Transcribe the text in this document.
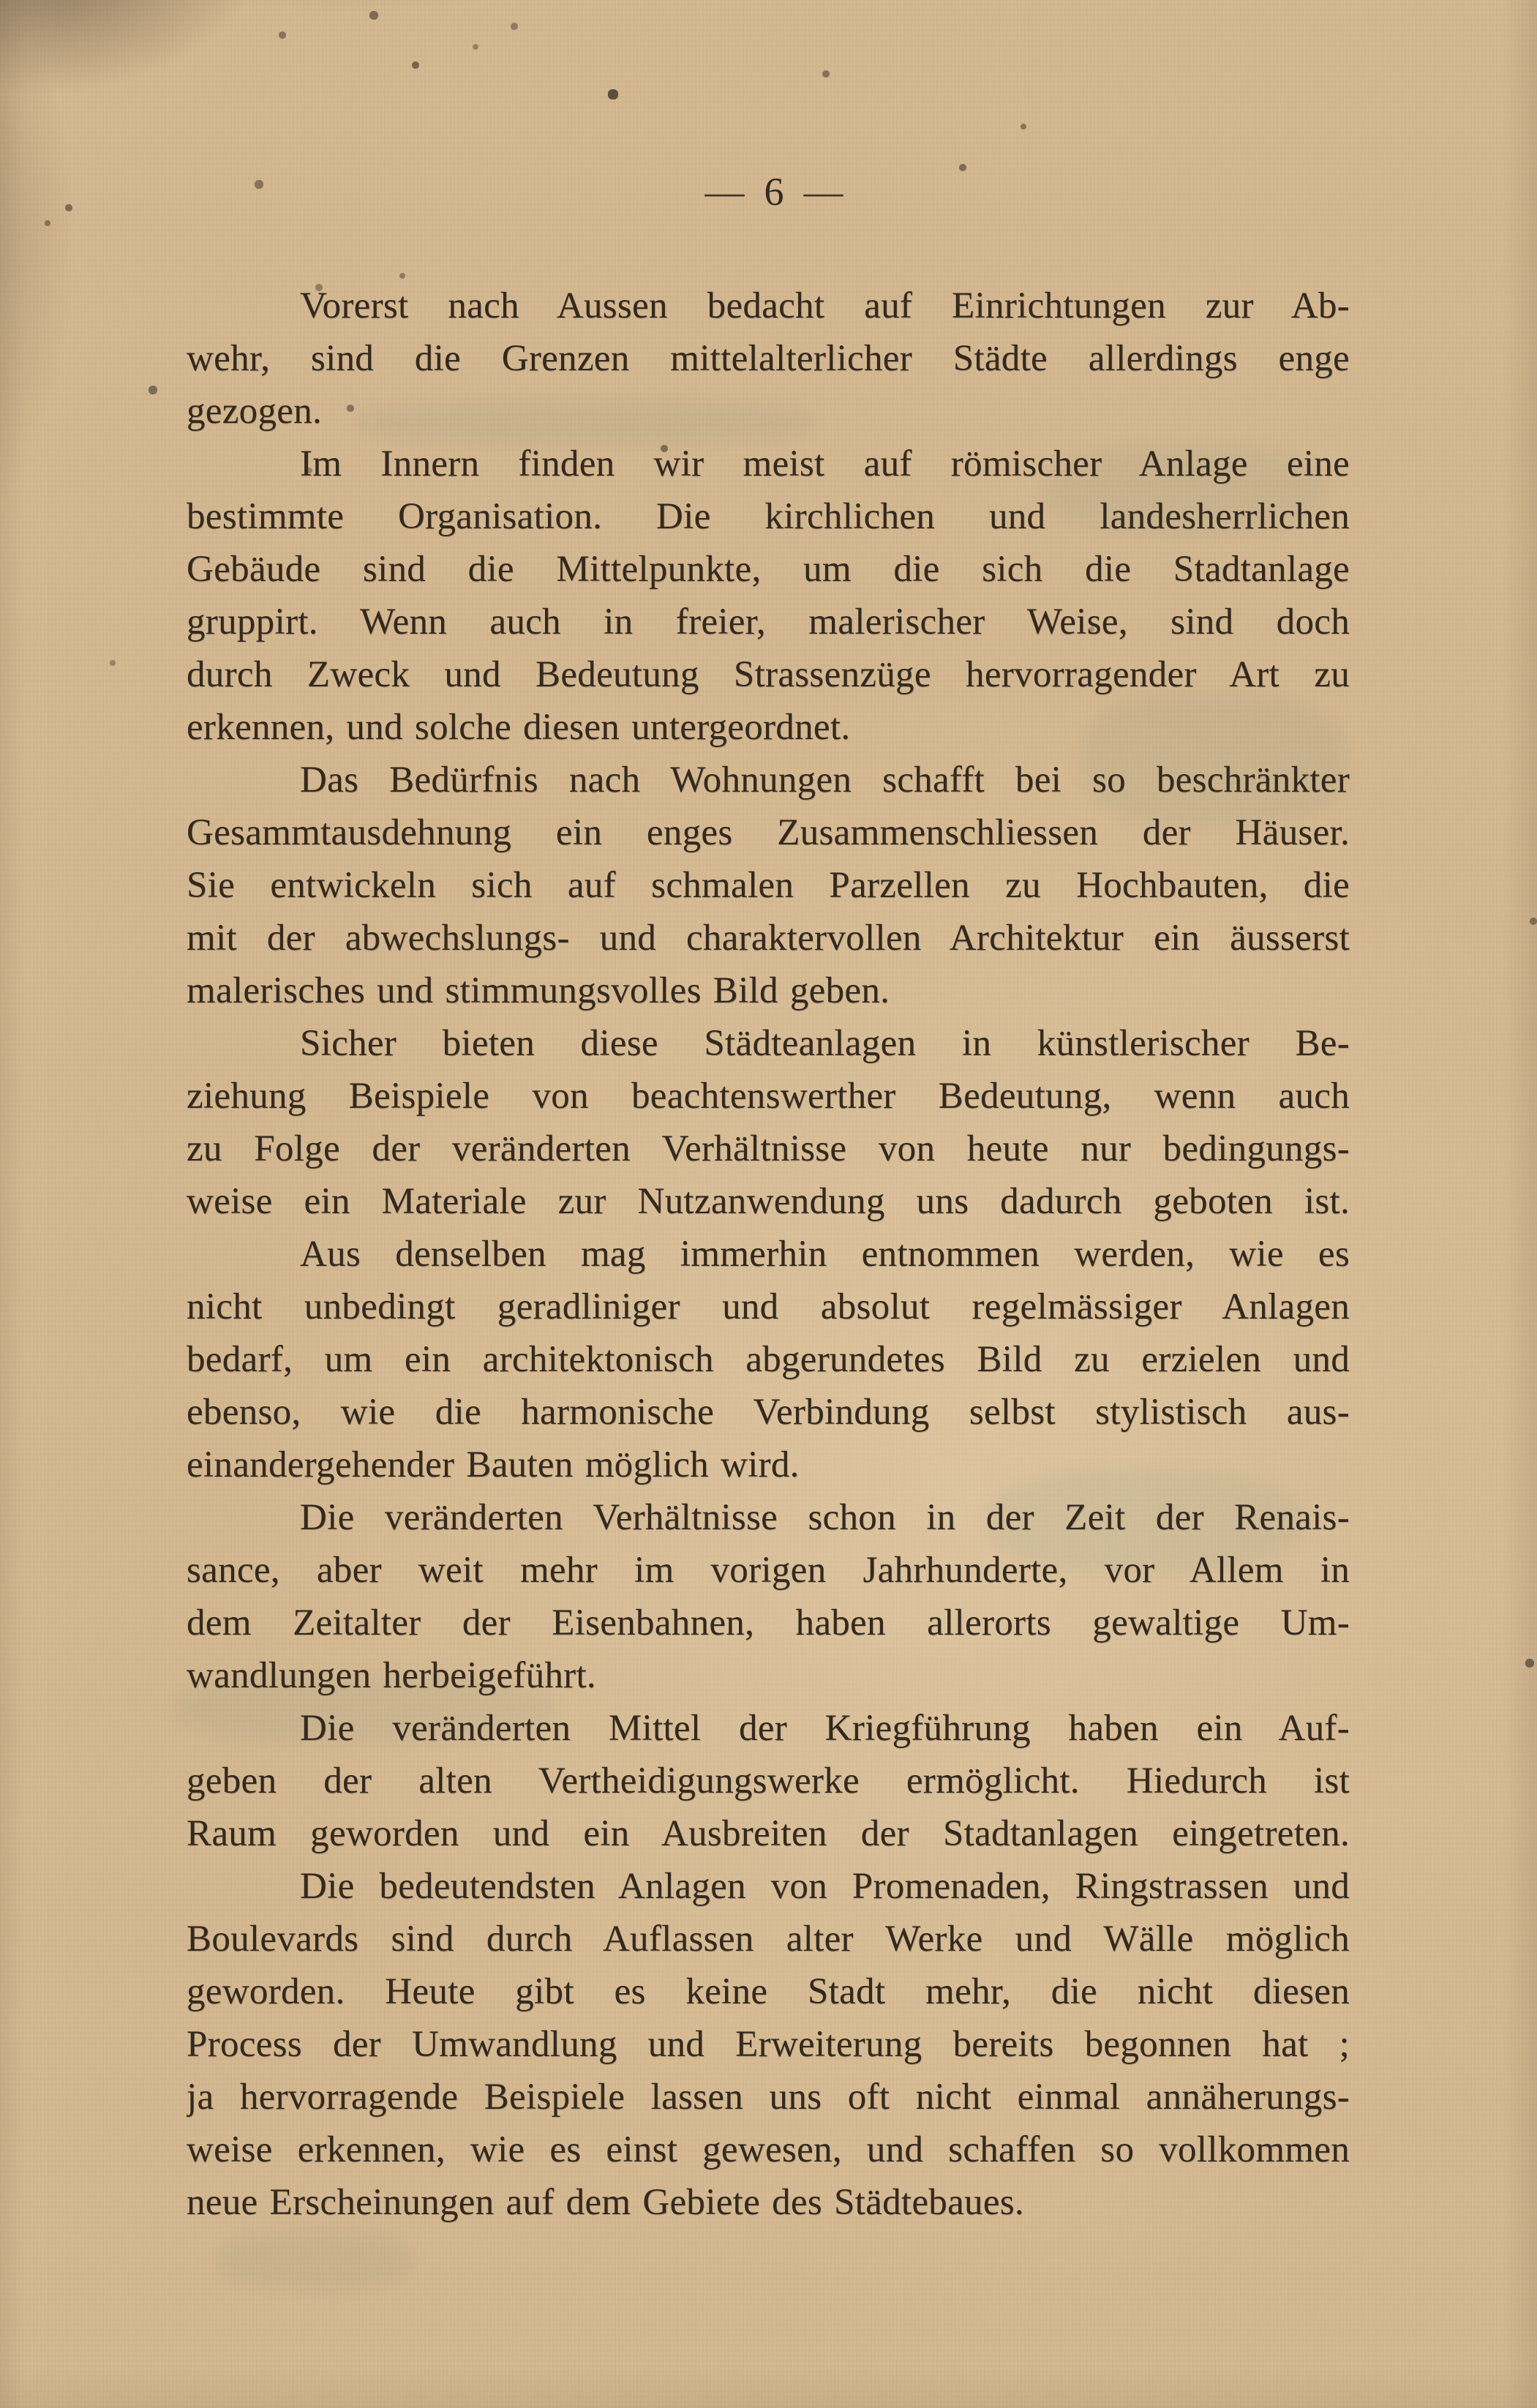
— 6 —
Vorerst nach Aussen bedacht auf Einrichtungen zur Ab-
wehr, sind die Grenzen mittelalterlicher Städte allerdings enge
gezogen.
Im Innern finden wir meist auf römischer Anlage eine
bestimmte Organisation. Die kirchlichen und landesherrlichen
Gebäude sind die Mittelpunkte, um die sich die Stadtanlage
gruppirt. Wenn auch in freier, malerischer Weise, sind doch
durch Zweck und Bedeutung Strassenzüge hervorragender Art zu
erkennen, und solche diesen untergeordnet.
Das Bedürfnis nach Wohnungen schafft bei so beschränkter
Gesammtausdehnung ein enges Zusammenschliessen der Häuser.
Sie entwickeln sich auf schmalen Parzellen zu Hochbauten, die
mit der abwechslungs- und charaktervollen Architektur ein äusserst
malerisches und stimmungsvolles Bild geben.
Sicher bieten diese Städteanlagen in künstlerischer Be-
ziehung Beispiele von beachtenswerther Bedeutung, wenn auch
zu Folge der veränderten Verhältnisse von heute nur bedingungs-
weise ein Materiale zur Nutzanwendung uns dadurch geboten ist.
Aus denselben mag immerhin entnommen werden, wie es
nicht unbedingt geradliniger und absolut regelmässiger Anlagen
bedarf, um ein architektonisch abgerundetes Bild zu erzielen und
ebenso, wie die harmonische Verbindung selbst stylistisch aus-
einandergehender Bauten möglich wird.
Die veränderten Verhältnisse schon in der Zeit der Renais-
sance, aber weit mehr im vorigen Jahrhunderte, vor Allem in
dem Zeitalter der Eisenbahnen, haben allerorts gewaltige Um-
wandlungen herbeigeführt.
Die veränderten Mittel der Kriegführung haben ein Auf-
geben der alten Vertheidigungswerke ermöglicht. Hiedurch ist
Raum geworden und ein Ausbreiten der Stadtanlagen eingetreten.
Die bedeutendsten Anlagen von Promenaden, Ringstrassen und
Boulevards sind durch Auflassen alter Werke und Wälle möglich
geworden. Heute gibt es keine Stadt mehr, die nicht diesen
Process der Umwandlung und Erweiterung bereits begonnen hat ;
ja hervorragende Beispiele lassen uns oft nicht einmal annäherungs-
weise erkennen, wie es einst gewesen, und schaffen so vollkommen
neue Erscheinungen auf dem Gebiete des Städtebaues.
